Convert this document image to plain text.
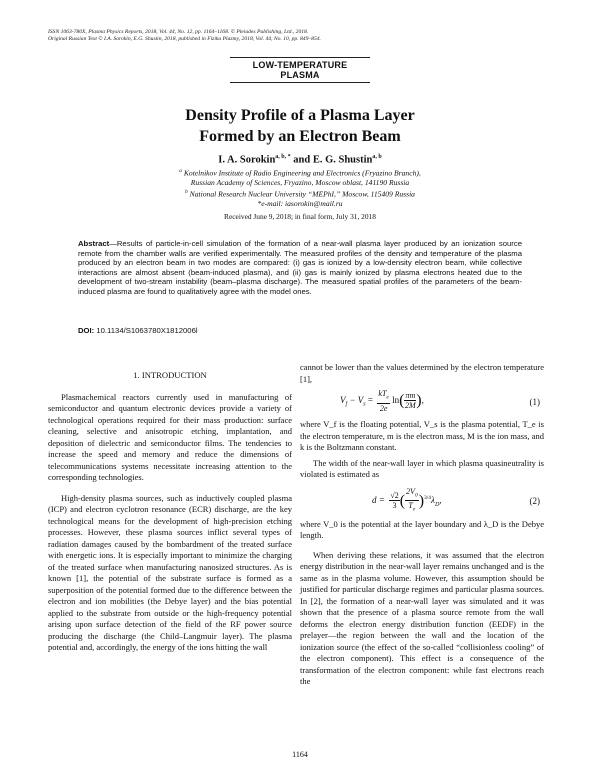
ISSN 1063-780X, Plasma Physics Reports, 2018, Vol. 44, No. 12, pp. 1164–1168. © Pleiades Publishing, Ltd., 2018.
Original Russian Text © I.A. Sorokin, E.G. Shustin, 2018, published in Fizika Plazmy, 2018, Vol. 44, No. 10, pp. 849–854.
LOW-TEMPERATURE
PLASMA
Density Profile of a Plasma Layer
Formed by an Electron Beam
I. A. Sorokin$^{a, b, *}$ and E. G. Shustin$^{a, b}$
$^a$ Kotelnikov Institute of Radio Engineering and Electronics (Fryazino Branch),
Russian Academy of Sciences, Fryazino, Moscow oblast, 141190 Russia
$^b$ National Research Nuclear University “MEPhI,” Moscow, 115409 Russia
*e-mail: iasorokin@mail.ru
Received June 9, 2018; in final form, July 31, 2018
Abstract—Results of particle-in-cell simulation of the formation of a near-wall plasma layer produced by an ionization source remote from the chamber walls are verified experimentally. The measured profiles of the density and temperature of the plasma produced by an electron beam in two modes are compared: (i) gas is ionized by a low-density electron beam, while collective interactions are almost absent (beam-induced plasma), and (ii) gas is mainly ionized by plasma electrons heated due to the development of two-stream instability (beam–plasma discharge). The measured spatial profiles of the parameters of the beam-induced plasma are found to qualitatively agree with the model ones.
DOI: 10.1134/S1063780X1812006l
1. INTRODUCTION

Plasmachemical reactors currently used in manufacturing of semiconductor and quantum electronic devices provide a variety of technological operations required for their mass production: surface cleaning, selective and anisotropic etching, implantation, and deposition of dielectric and semiconductor films. The tendencies to increase the speed and memory and reduce the dimensions of telecommunications systems necessitate increasing attention to the corresponding technologies.

High-density plasma sources, such as inductively coupled plasma (ICP) and electron cyclotron resonance (ECR) discharge, are the key technological means for the development of high-precision etching processes. However, these plasma sources inflict several types of radiation damages caused by the bombardment of the treated surface with energetic ions. It is especially important to minimize the charging of the treated surface when manufacturing nanosized structures. As is known [1], the potential of the substrate surface is formed as a superposition of the potential formed due to the difference between the electron and ion mobilities (the Debye layer) and the bias potential applied to the substrate from outside or the high-frequency potential arising upon surface detection of the field of the RF power source producing the discharge (the Child–Langmuir layer). The plasma potential and, accordingly, the energy of the ions hitting the wall

cannot be lower than the values determined by the electron temperature [1],

$V_f - V_s = \frac{kT_e}{2e} \ln( \frac{\pi m}{2M}$ ),	(1)

where V_f is the floating potential, V_s is the plasma potential, T_e is the electron temperature, m is the electron mass, M is the ion mass, and k is the Boltzmann constant.

The width of the near-wall layer in which plasma quasineutrality is violated is estimated as

$d = \frac{√2}{3}$ ( $\frac{2V_0}{T_e} )^{3/4}\lambda_D$,	(2)

where V_0 is the potential at the layer boundary and λ_D is the Debye length.

When deriving these relations, it was assumed that the electron energy distribution in the near-wall layer remains unchanged and is the same as in the plasma volume. However, this assumption should be justified for particular discharge regimes and particular plasma sources. In [2], the formation of a near-wall layer was simulated and it was shown that the presence of a plasma source remote from the wall deforms the electron energy distribution function (EEDF) in the prelayer—the region between the wall and the location of the ionization source (the effect of the so-called “collisionless cooling” of the electron component). This effect is a consequence of the transformation of the electron component: while fast electrons reach the

1164
